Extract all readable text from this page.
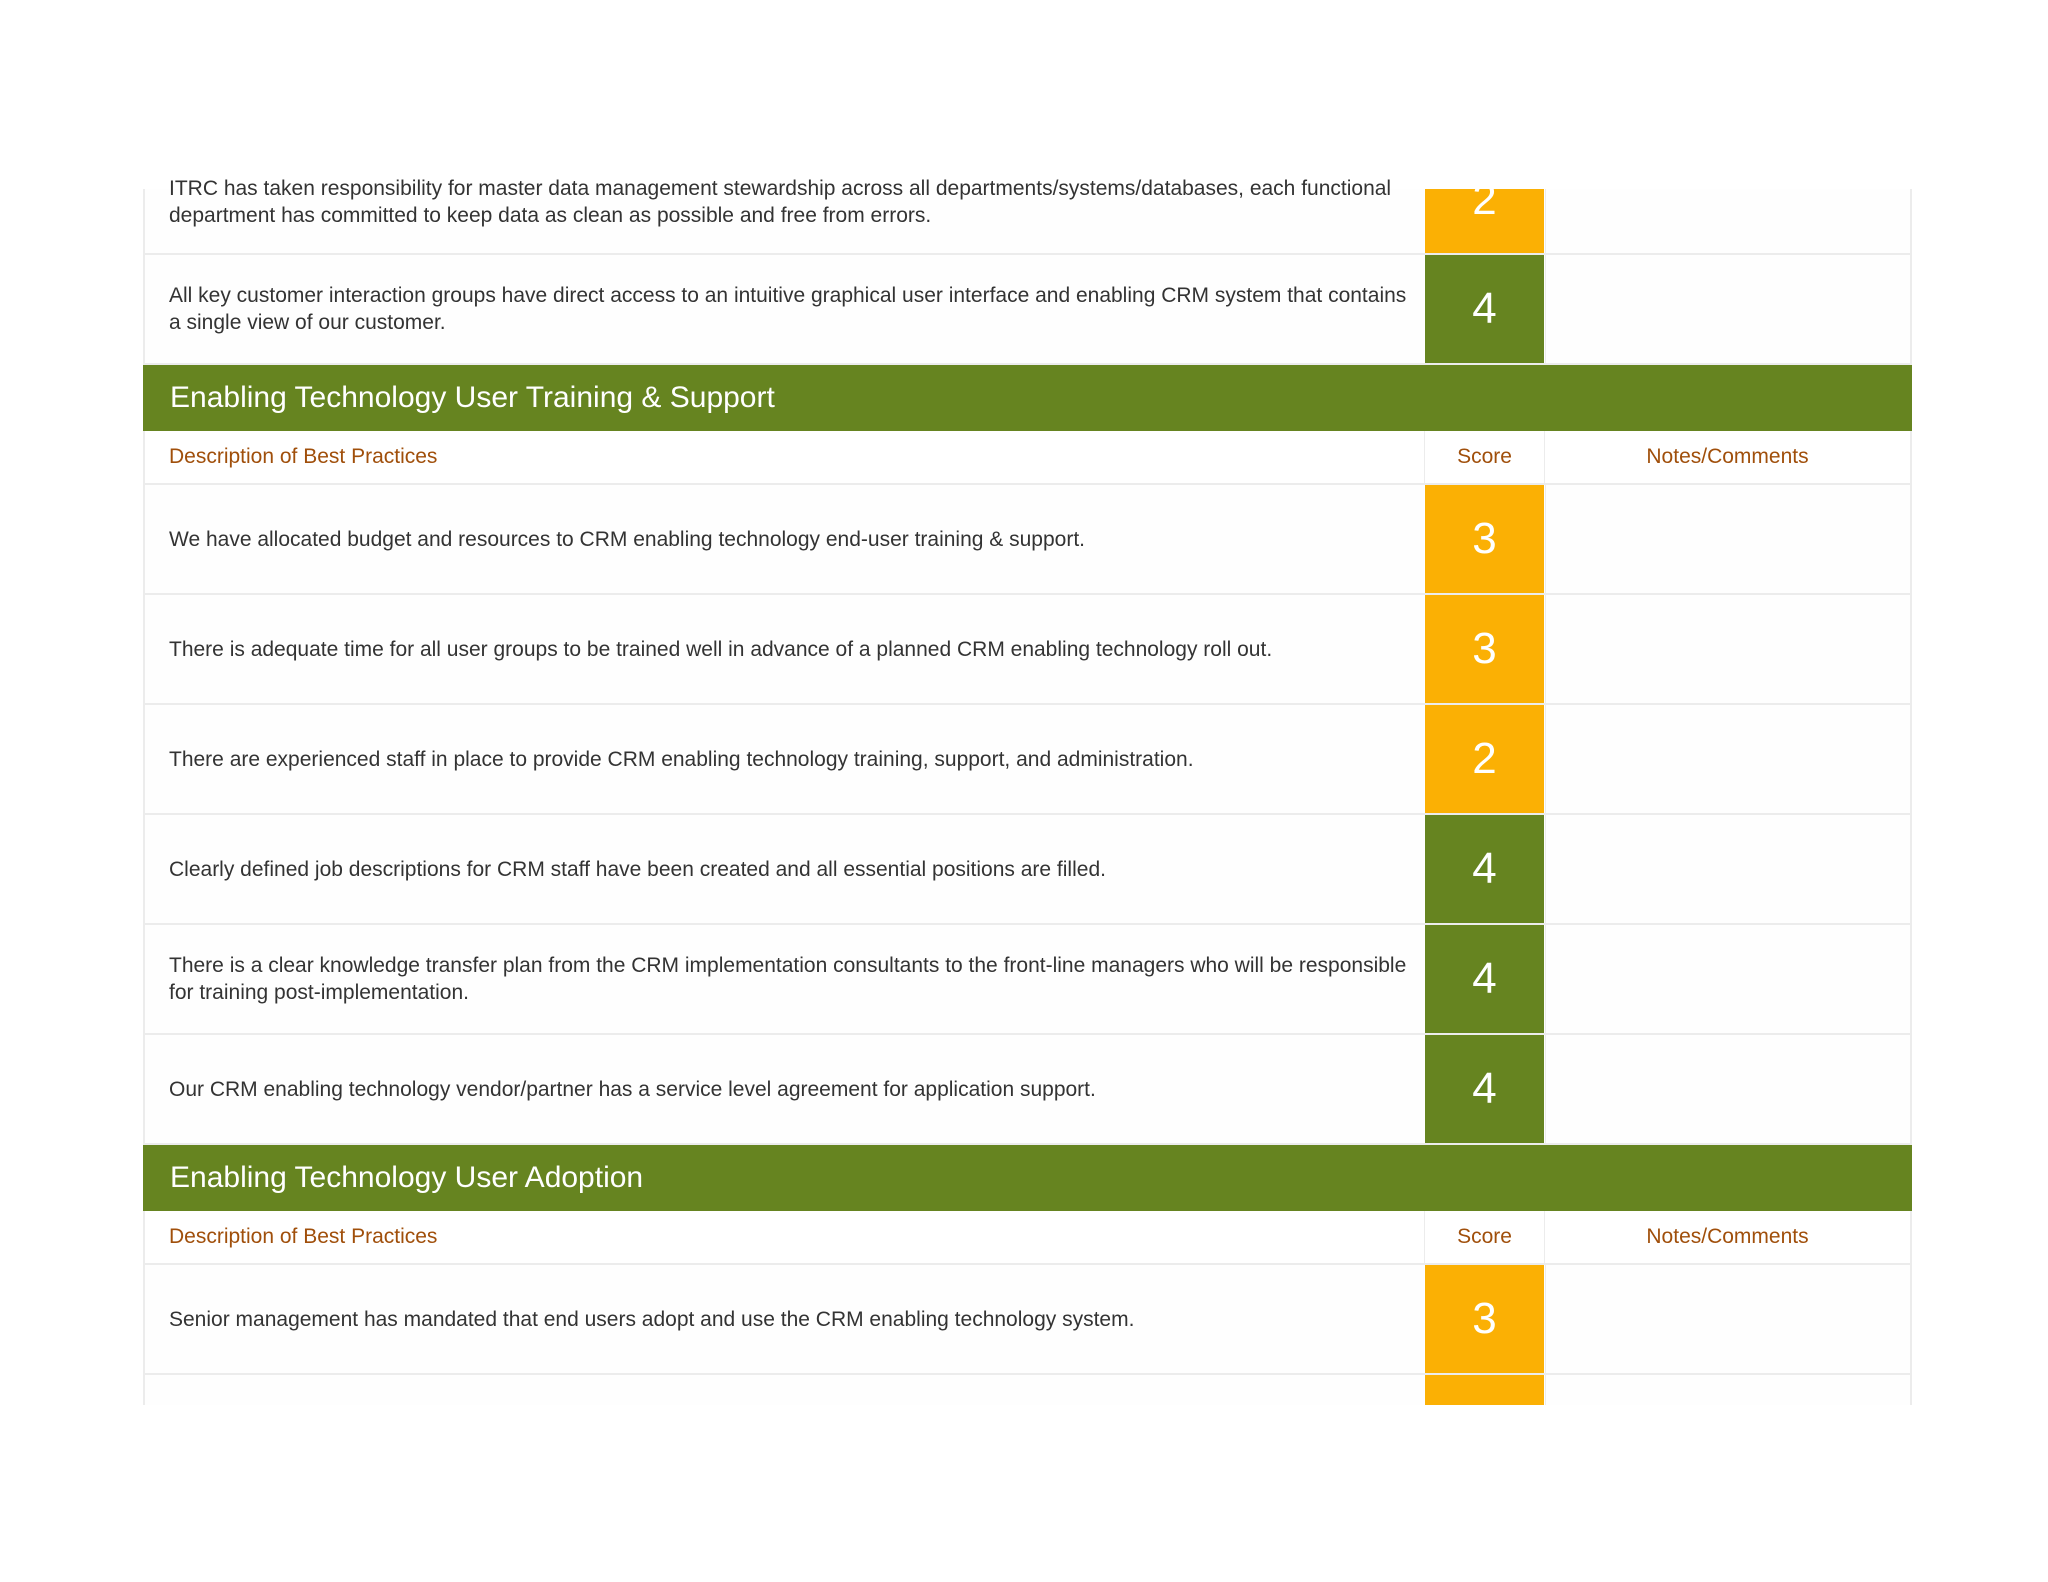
ITRC has taken responsibility for master data management stewardship across all departments/systems/databases, each functional department has committed to keep data as clean as possible and free from errors.	2
All key customer interaction groups have direct access to an intuitive graphical user interface and enabling CRM system that contains a single view of our customer.	4
Enabling Technology User Training & Support
Description of Best Practices	Score	Notes/Comments
We have allocated budget and resources to CRM enabling technology end-user training & support.	3
There is adequate time for all user groups to be trained well in advance of a planned CRM enabling technology roll out.	3
There are experienced staff in place to provide CRM enabling technology training, support, and administration.	2
Clearly defined job descriptions for CRM staff have been created and all essential positions are filled.	4
There is a clear knowledge transfer plan from the CRM implementation consultants to the front-line managers who will be responsible for training post-implementation.	4
Our CRM enabling technology vendor/partner has a service level agreement for application support.	4
Enabling Technology User Adoption
Description of Best Practices	Score	Notes/Comments
Senior management has mandated that end users adopt and use the CRM enabling technology system.	3
